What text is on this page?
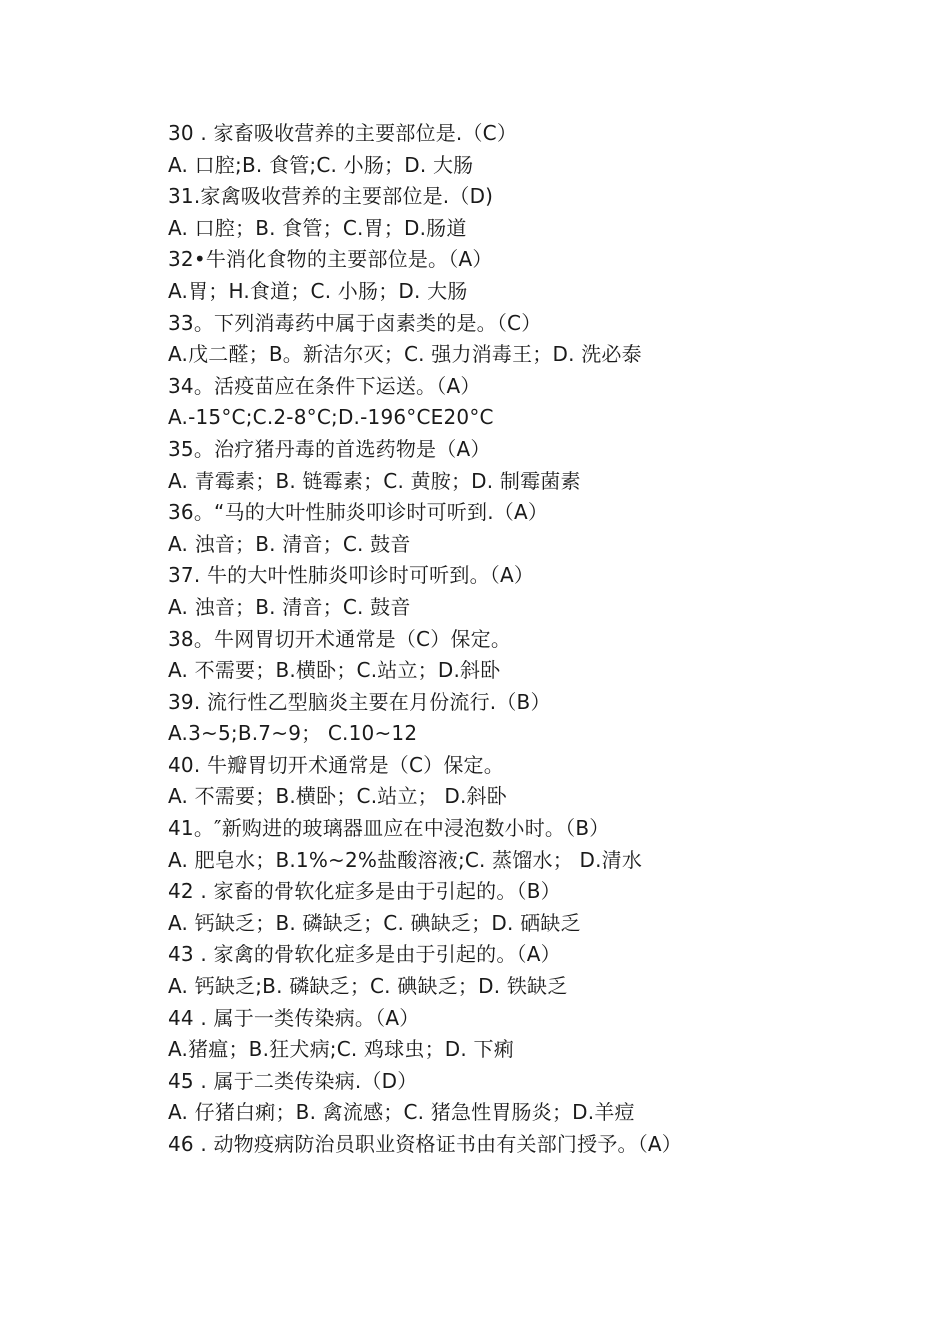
30 . 家畜吸收营养的主要部位是.（C）
A. 口腔;B. 食管;C. 小肠；D. 大肠
31.家禽吸收营养的主要部位是.（D)
A. 口腔；B. 食管；C.胃；D.肠道
32•牛消化食物的主要部位是。（A）
A.胃；H.食道；C. 小肠；D. 大肠
33。下列消毒药中属于卤素类的是。（C）
A.戊二醛；B。新洁尔灭；C. 强力消毒王；D. 洗必泰
34。活疫苗应在条件下运送。（A）
A.-15°C;C.2-8°C;D.-196°CE20°C
35。治疗猪丹毒的首选药物是（A）
A. 青霉素；B. 链霉素；C. 黄胺；D. 制霉菌素
36。“马的大叶性肺炎叩诊时可听到.（A）
A. 浊音；B. 清音；C. 鼓音
37. 牛的大叶性肺炎叩诊时可听到。（A）
A. 浊音；B. 清音；C. 鼓音
38。牛网胃切开术通常是（C）保定。
A. 不需要；B.横卧；C.站立；D.斜卧
39. 流行性乙型脑炎主要在月份流行.（B）
A.3~5;B.7~9； C.10~12
40. 牛瓣胃切开术通常是（C）保定。
A. 不需要；B.横卧；C.站立； D.斜卧
41。″新购进的玻璃器皿应在中浸泡数小时。（B）
A. 肥皂水；B.1%~2%盐酸溶液;C. 蒸馏水； D.清水
42 . 家畜的骨软化症多是由于引起的。（B）
A. 钙缺乏；B. 磷缺乏；C. 碘缺乏；D. 硒缺乏
43 . 家禽的骨软化症多是由于引起的。（A）
A. 钙缺乏;B. 磷缺乏；C. 碘缺乏；D. 铁缺乏
44 . 属于一类传染病。（A）
A.猪瘟；B.狂犬病;C. 鸡球虫；D. 下痢
45 . 属于二类传染病.（D）
A. 仔猪白痢；B. 禽流感；C. 猪急性胃肠炎；D.羊痘
46 . 动物疫病防治员职业资格证书由有关部门授予。（A）
